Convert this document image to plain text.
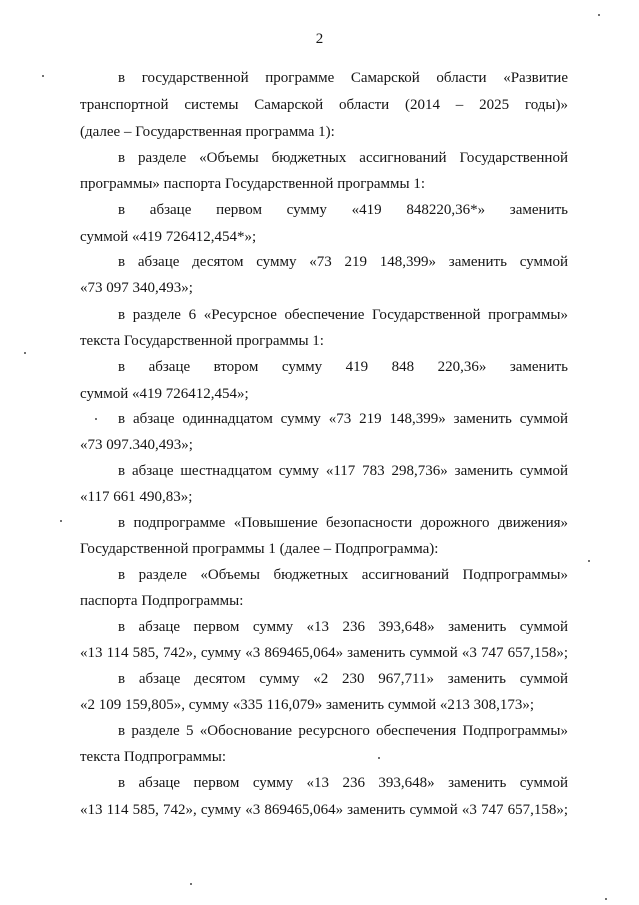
2
в государственной программе Самарской области «Развитие
транспортной системы Самарской области (2014 – 2025 годы)»
(далее – Государственная программа 1):
в разделе «Объемы бюджетных ассигнований Государственной
программы» паспорта Государственной программы 1:
в абзаце первом сумму «419 848220,36*» заменить
суммой «419 726412,454*»;
в абзаце десятом сумму «73 219 148,399» заменить суммой
«73 097 340,493»;
в разделе 6 «Ресурсное обеспечение Государственной программы»
текста Государственной программы 1:
в абзаце втором сумму 419 848 220,36» заменить
суммой «419 726412,454»;
в абзаце одиннадцатом сумму «73 219 148,399» заменить суммой
«73 097.340,493»;
в абзаце шестнадцатом сумму «117 783 298,736» заменить суммой
«117 661 490,83»;
в подпрограмме «Повышение безопасности дорожного движения»
Государственной программы 1 (далее – Подпрограмма):
в разделе «Объемы бюджетных ассигнований Подпрограммы»
паспорта Подпрограммы:
в абзаце первом сумму «13 236 393,648» заменить суммой
«13 114 585, 742», сумму «3 869465,064» заменить суммой «3 747 657,158»;
в абзаце десятом сумму «2 230 967,711» заменить суммой
«2 109 159,805», сумму «335 116,079» заменить суммой «213 308,173»;
в разделе 5 «Обоснование ресурсного обеспечения Подпрограммы»
текста Подпрограммы:
в абзаце первом сумму «13 236 393,648» заменить суммой
«13 114 585, 742», сумму «3 869465,064» заменить суммой «3 747 657,158»;
